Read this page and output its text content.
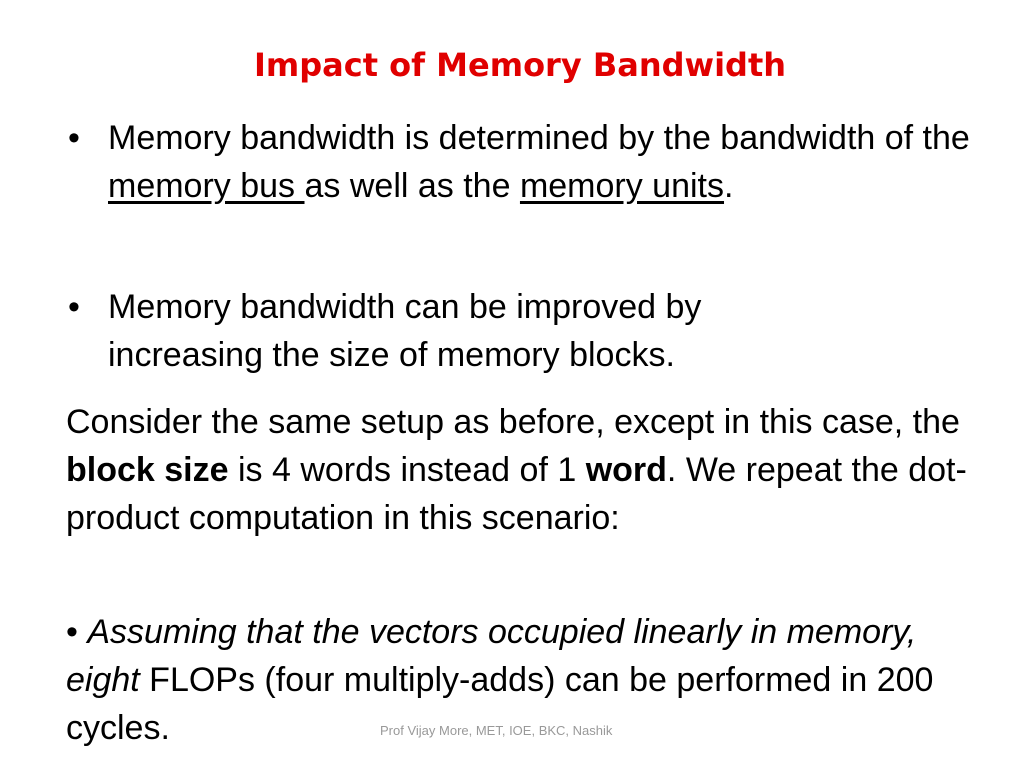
Impact of Memory Bandwidth
• Memory bandwidth is determined by the bandwidth of the memory bus as well as the memory units.
• Memory bandwidth can be improved by increasing the size of memory blocks.
Consider the same setup as before, except in this case, the block size is 4 words instead of 1 word. We repeat the dot-product computation in this scenario:
• Assuming that the vectors occupied linearly in memory, eight FLOPs (four multiply-adds) can be performed in 200 cycles.	Prof Vijay More, MET, IOE, BKC, Nashik
